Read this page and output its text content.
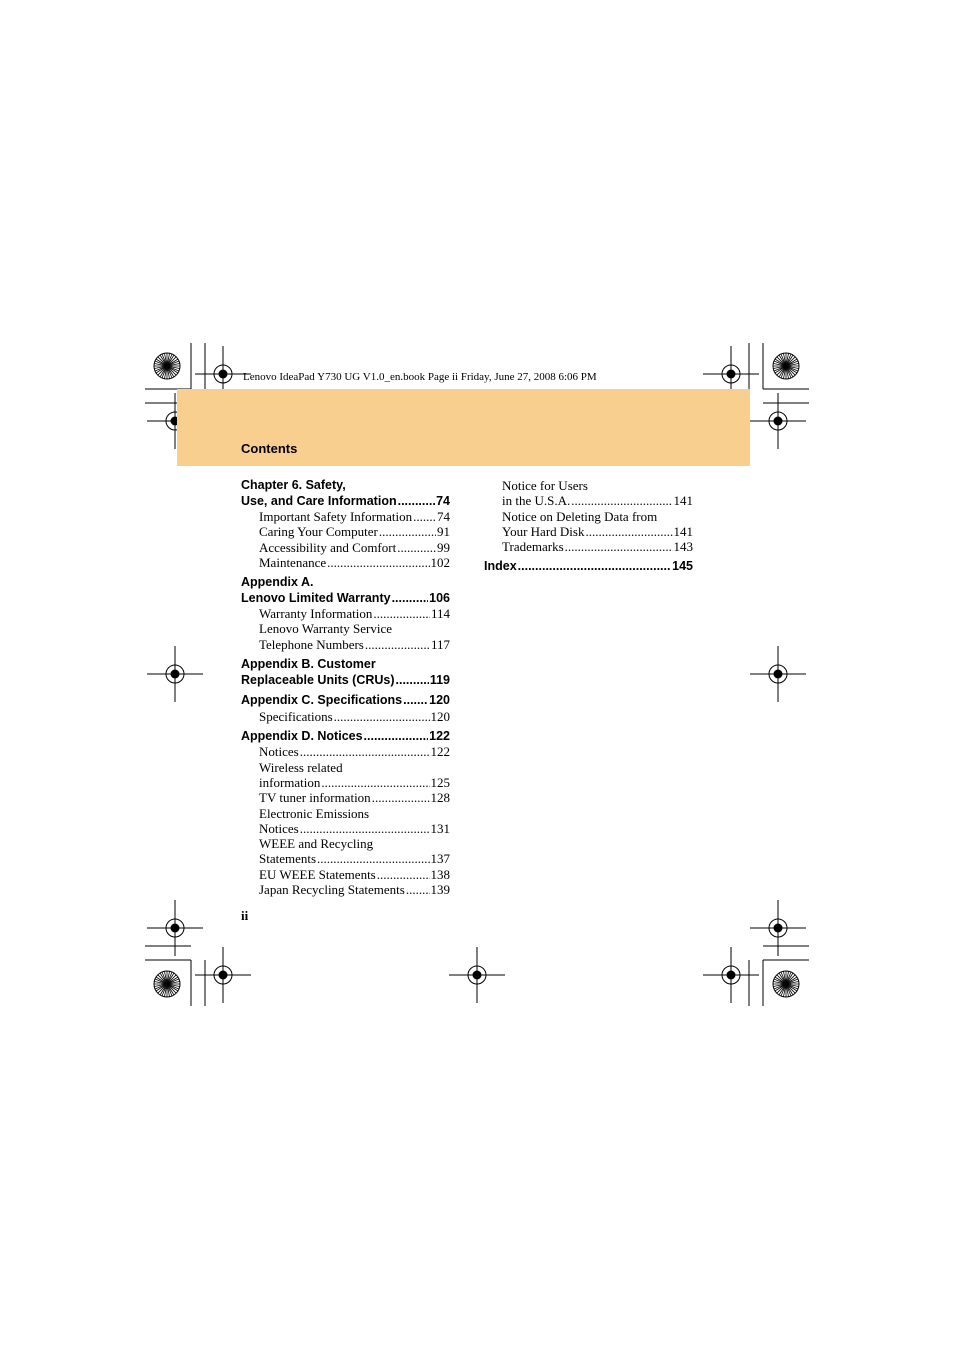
Lenovo IdeaPad Y730 UG V1.0_en.book Page ii Friday, June 27, 2008 6:06 PM
Contents
Chapter 6. Safety,
Use, and Care Information .....	74
Important Safety Information ..... 74
Caring Your Computer .....	91
Accessibility and Comfort .....	99
Maintenance .....	102
Appendix A.
Lenovo Limited Warranty .....	106
Warranty Information .....	114
Lenovo Warranty Service
Telephone Numbers .....	117
Appendix B. Customer
Replaceable Units (CRUs) .....	119
Appendix C. Specifications ..... 120
Specifications .....	120
Appendix D. Notices .....	122
Notices .....	122
Wireless related
information .....	125
TV tuner information .....	128
Electronic Emissions
Notices .....	131
WEEE and Recycling
Statements .....	137
EU WEEE Statements .....	138
Japan Recycling Statements ..... 139
Notice for Users
in the U.S.A. .....	141
Notice on Deleting Data from
Your Hard Disk .....	141
Trademarks .....	143
Index .....	145
ii
